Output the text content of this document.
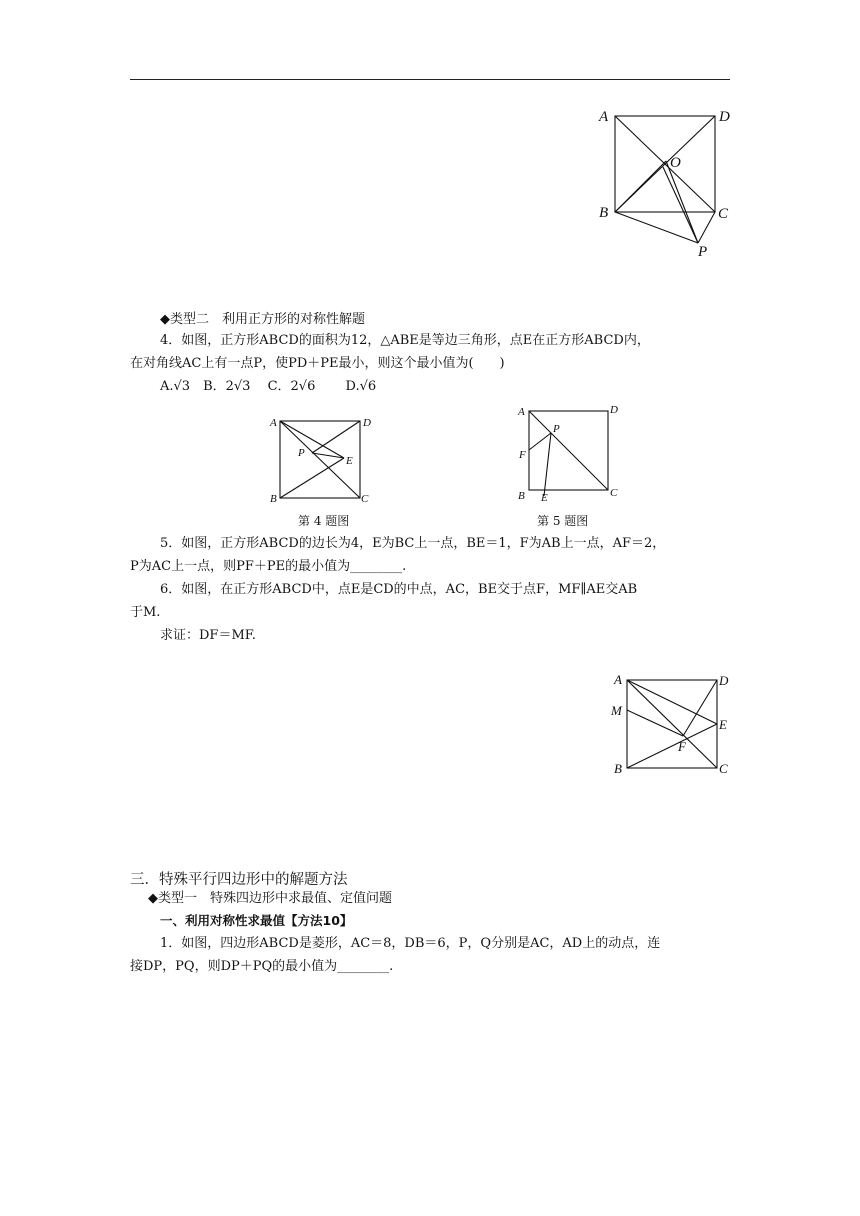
A	D
O
B	C
P
◆类型二　利用正方形的对称性解题
4．如图，正方形ABCD的面积为12，△ABE是等边三角形，点E在正方形ABCD内，
在对角线AC上有一点P，使PD＋PE最小，则这个最小值为(　　)
A.√3　B．2√3　 C．2√6　　 D.√6
A	D
P
E
B	C
第 4 题图
A	D
P
F
B E	C
第 5 题图
5．如图，正方形ABCD的边长为4，E为BC上一点，BE＝1，F为AB上一点，AF＝2，
P为AC上一点，则PF＋PE的最小值为________.
6．如图，在正方形ABCD中，点E是CD的中点，AC，BE交于点F，MF∥AE交AB
于M.
求证：DF＝MF.
A	D
M
E
F
B	C
三．特殊平行四边形中的解题方法
◆类型一　特殊四边形中求最值、定值问题
一、利用对称性求最值【方法10】
1．如图，四边形ABCD是菱形，AC＝8，DB＝6，P，Q分别是AC，AD上的动点，连
接DP，PQ，则DP＋PQ的最小值为________.
